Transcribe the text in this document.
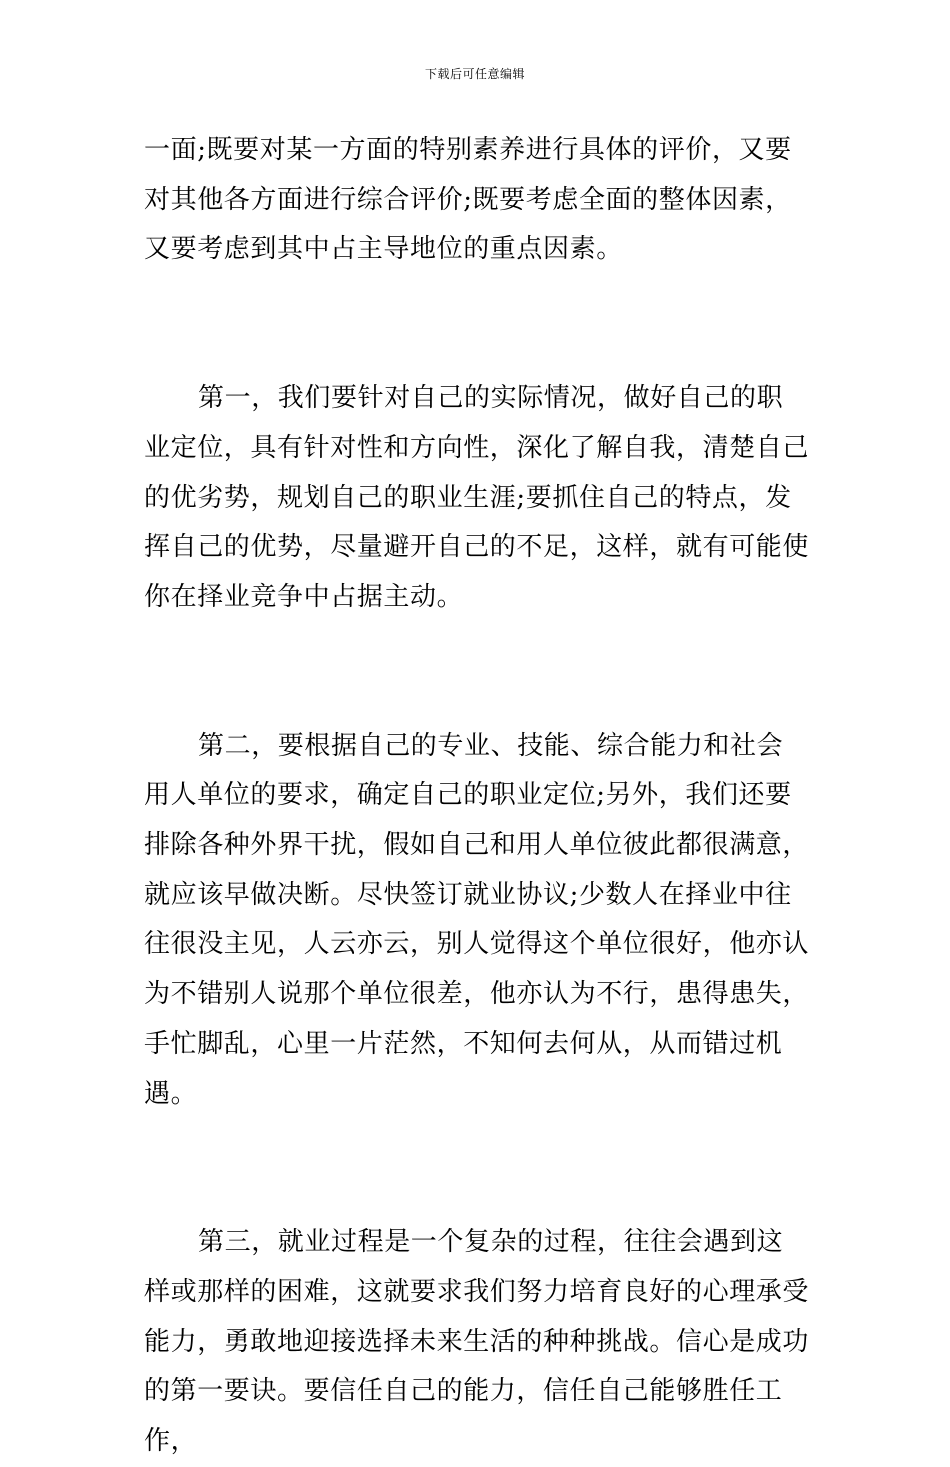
下载后可任意编辑

一面;既要对某一方面的特别素养进行具体的评价，又要对其他各方面进行综合评价;既要考虑全面的整体因素，又要考虑到其中占主导地位的重点因素。

第一，我们要针对自己的实际情况，做好自己的职业定位，具有针对性和方向性，深化了解自我，清楚自己的优劣势，规划自己的职业生涯;要抓住自己的特点，发挥自己的优势，尽量避开自己的不足，这样，就有可能使你在择业竞争中占据主动。

第二，要根据自己的专业、技能、综合能力和社会用人单位的要求，确定自己的职业定位;另外，我们还要排除各种外界干扰，假如自己和用人单位彼此都很满意，就应该早做决断。尽快签订就业协议;少数人在择业中往往很没主见，人云亦云，别人觉得这个单位很好，他亦认为不错别人说那个单位很差，他亦认为不行，患得患失，手忙脚乱，心里一片茫然，不知何去何从，从而错过机遇。

第三，就业过程是一个复杂的过程，往往会遇到这样或那样的困难，这就要求我们努力培育良好的心理承受能力，勇敢地迎接选择未来生活的种种挑战。信心是成功的第一要诀。要信任自己的能力，信任自己能够胜任工作，
